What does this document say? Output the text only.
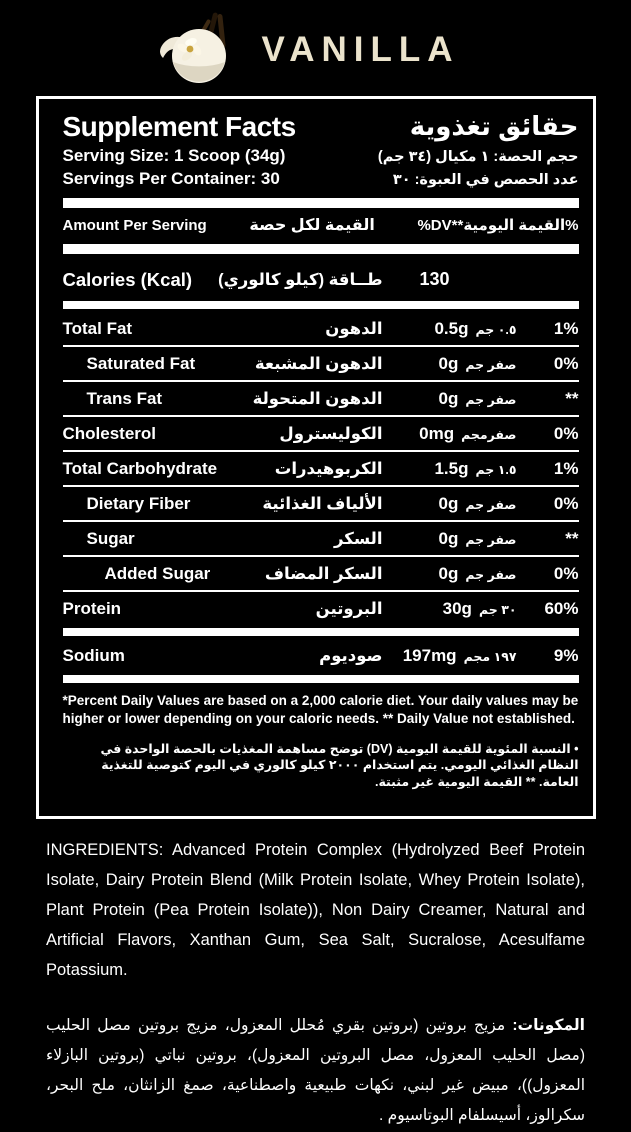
VANILLA
Supplement Facts	حقائق تغذوية
Serving Size: 1 Scoop (34g)	حجم الحصة: ١ مكيال (٣٤ جم)
Servings Per Container: 30	عدد الحصص في العبوة: ٣٠
Amount Per Serving	القيمة لكل حصة	%DV**القيمة اليومية%
Calories (Kcal)	طــاقة (كيلو كالوري) 130
Total Fat	الدهون	0.5g ٠.٥ جم	1%
Saturated Fat	الدهون المشبعة	0g صفر جم	0%
Trans Fat	الدهون المتحولة	0g صفر جم	**
Cholesterol	الكوليسترول 0mg صفرمجم	0%
Total Carbohydrate	الكربوهيدرات	1.5g ١.٥ جم	1%
Dietary Fiber	الألياف الغذائية	0g صفر جم	0%
Sugar	السكر	0g صفر جم	**
Added Sugar	السكر المضاف	0g صفر جم	0%
Protein	البروتين	30g ٣٠ جم	60%
Sodium	صوديوم 197mg ١٩٧ مجم	9%

*Percent Daily Values are based on a 2,000 calorie diet. Your daily values may be higher or lower depending on your caloric needs. ** Daily Value not established.

• النسبة المئوية للقيمة اليومية (DV) توضح مساهمة المغذيات بالحصة الواحدة في النظام الغذائي اليومي. يتم استخدام ٢٠٠٠ كيلو كالوري في اليوم كتوصية للتغذية العامة. ** القيمة اليومية غير مثبتة.

INGREDIENTS: Advanced Protein Complex (Hydrolyzed Beef Protein Isolate, Dairy Protein Blend (Milk Protein Isolate, Whey Protein Isolate), Plant Protein (Pea Protein Isolate)), Non Dairy Creamer, Natural and Artificial Flavors, Xanthan Gum, Sea Salt, Sucralose, Acesulfame Potassium.

المكونات: مزيج بروتين (بروتين بقري مُحلل المعزول، مزيج بروتين مصل الحليب (مصل الحليب المعزول، مصل البروتين المعزول)، بروتين نباتي (بروتين البازلاء المعزول))، مبيض غير لبني، نكهات طبيعية واصطناعية، صمغ الزانثان، ملح البحر، سكرالوز، أسيسلفام البوتاسيوم .
